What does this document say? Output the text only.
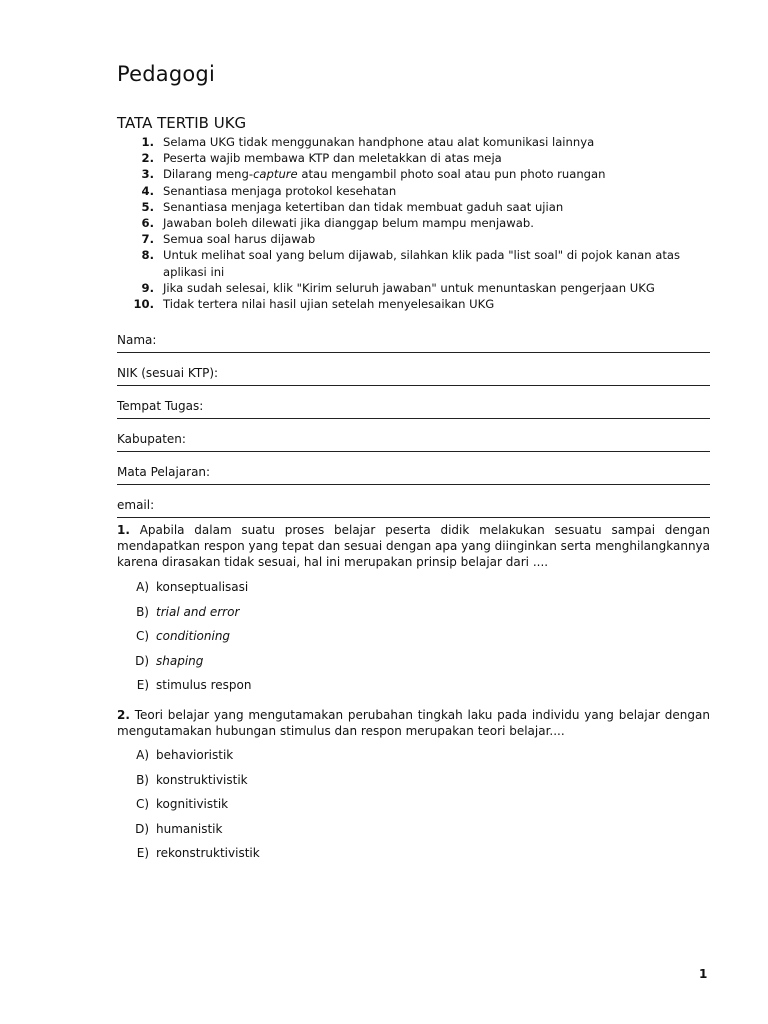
Pedagogi
TATA TERTIB UKG
1. Selama UKG tidak menggunakan handphone atau alat komunikasi lainnya
2. Peserta wajib membawa KTP dan meletakkan di atas meja
3. Dilarang meng-capture atau mengambil photo soal atau pun photo ruangan
4. Senantiasa menjaga protokol kesehatan
5. Senantiasa menjaga ketertiban dan tidak membuat gaduh saat ujian
6. Jawaban boleh dilewati jika dianggap belum mampu menjawab.
7. Semua soal harus dijawab
8. Untuk melihat soal yang belum dijawab, silahkan klik pada "list soal" di pojok kanan atas aplikasi ini
9. Jika sudah selesai, klik "Kirim seluruh jawaban" untuk menuntaskan pengerjaan UKG
10. Tidak tertera nilai hasil ujian setelah menyelesaikan UKG
Nama:
NIK (sesuai KTP):
Tempat Tugas:
Kabupaten:
Mata Pelajaran:
email:
1. Apabila dalam suatu proses belajar peserta didik melakukan sesuatu sampai dengan mendapatkan respon yang tepat dan sesuai dengan apa yang diinginkan serta menghilangkannya karena dirasakan tidak sesuai, hal ini merupakan prinsip belajar dari ....
A) konseptualisasi
B) trial and error
C) conditioning
D) shaping
E) stimulus respon
2. Teori belajar yang mengutamakan perubahan tingkah laku pada individu yang belajar dengan mengutamakan hubungan stimulus dan respon merupakan teori belajar....
A) behavioristik
B) konstruktivistik
C) kognitivistik
D) humanistik
E) rekonstruktivistik
1
